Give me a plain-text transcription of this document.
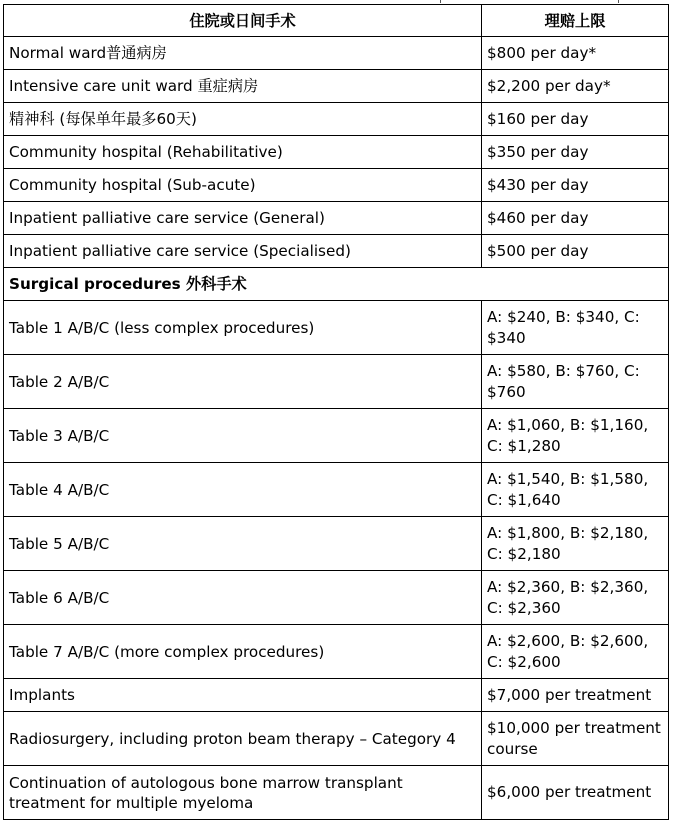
住院或日间手术	理赔上限
Normal ward普通病房	$800 per day*
Intensive care unit ward 重症病房	$2,200 per day*
精神科 (每保单年最多60天)	$160 per day
Community hospital (Rehabilitative)	$350 per day
Community hospital (Sub-acute)	$430 per day
Inpatient palliative care service (General)	$460 per day
Inpatient palliative care service (Specialised)	$500 per day
Surgical procedures 外科手术	
Table 1 A/B/C (less complex procedures)	A: $240, B: $340, C: $340
Table 2 A/B/C	A: $580, B: $760, C: $760
Table 3 A/B/C	A: $1,060, B: $1,160, C: $1,280
Table 4 A/B/C	A: $1,540, B: $1,580, C: $1,640
Table 5 A/B/C	A: $1,800, B: $2,180, C: $2,180
Table 6 A/B/C	A: $2,360, B: $2,360, C: $2,360
Table 7 A/B/C (more complex procedures)	A: $2,600, B: $2,600, C: $2,600
Implants	$7,000 per treatment
Radiosurgery, including proton beam therapy – Category 4	$10,000 per treatment course
Continuation of autologous bone marrow transplant treatment for multiple myeloma	$6,000 per treatment
